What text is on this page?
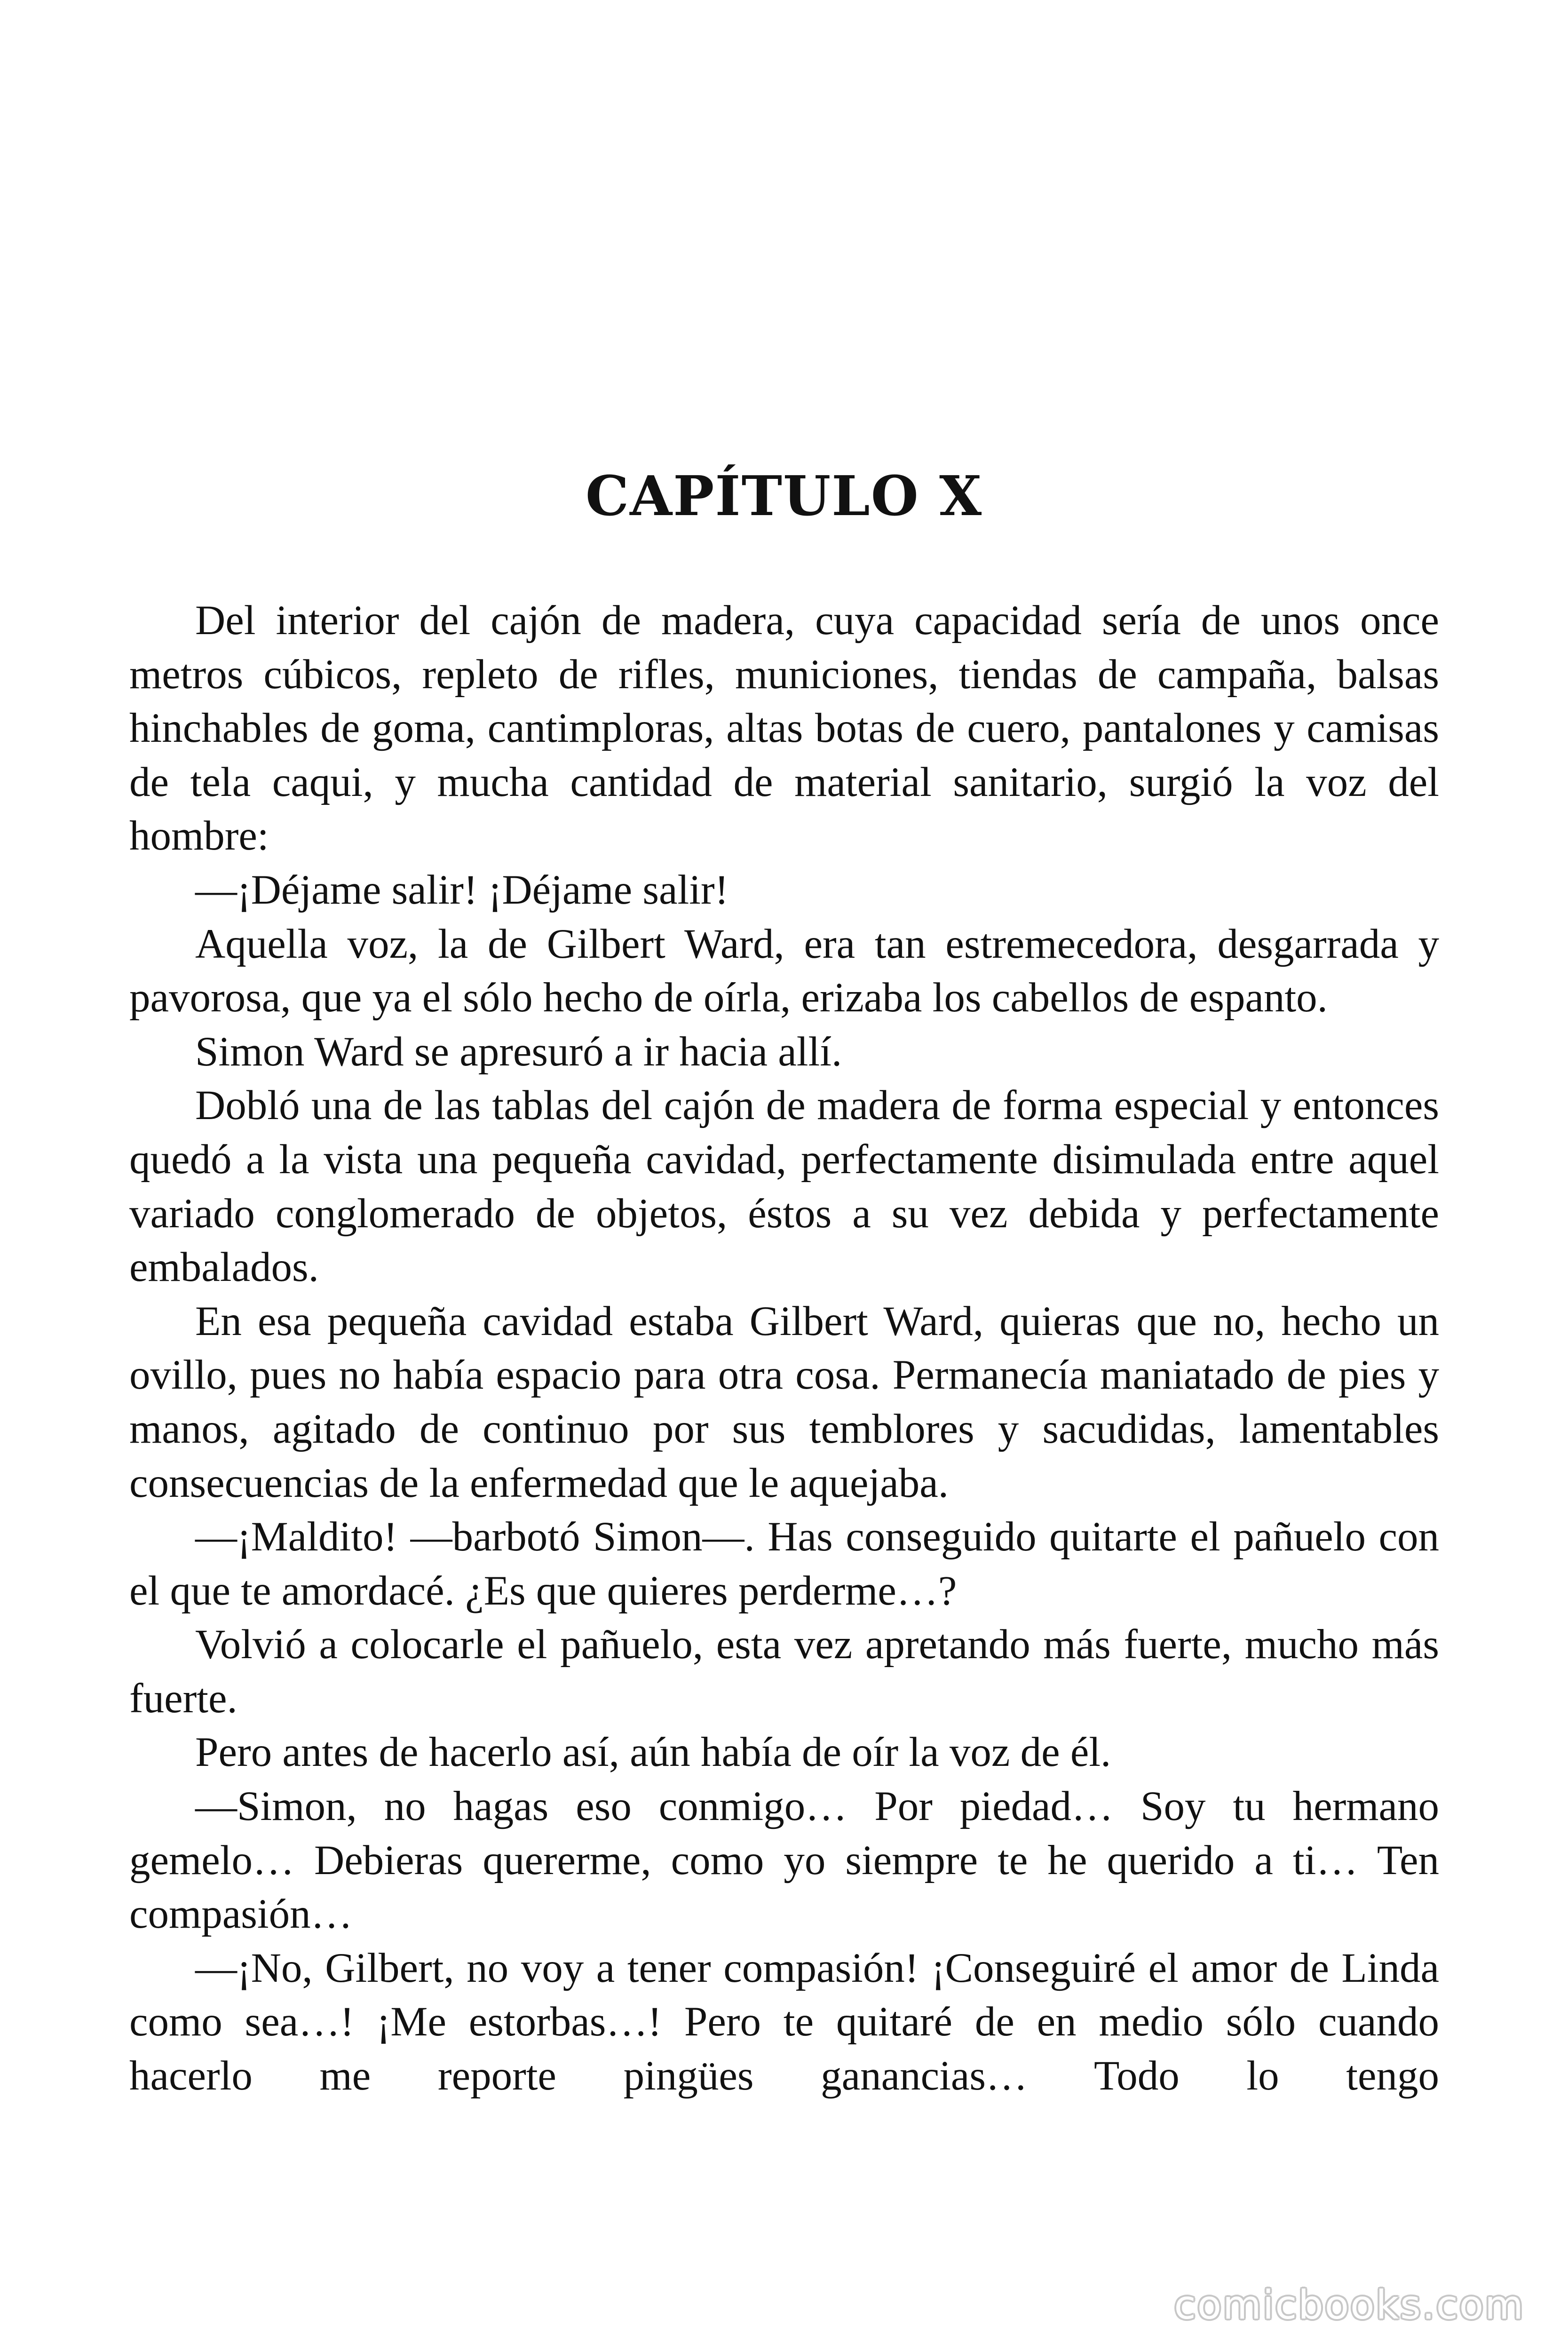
CAPÍTULO X

Del interior del cajón de madera, cuya capacidad sería de unos once metros cúbicos, repleto de rifles, municiones, tiendas de campaña, balsas hinchables de goma, cantimploras, altas botas de cuero, pantalones y camisas de tela caqui, y mucha cantidad de material sanitario, surgió la voz del hombre:

—¡Déjame salir! ¡Déjame salir!

Aquella voz, la de Gilbert Ward, era tan estremecedora, desgarrada y pavorosa, que ya el sólo hecho de oírla, erizaba los cabellos de espanto.

Simon Ward se apresuró a ir hacia allí.

Dobló una de las tablas del cajón de madera de forma especial y entonces quedó a la vista una pequeña cavidad, perfectamente disimulada entre aquel variado conglomerado de objetos, éstos a su vez debida y perfectamente embalados.

En esa pequeña cavidad estaba Gilbert Ward, quieras que no, hecho un ovillo, pues no había espacio para otra cosa. Permanecía maniatado de pies y manos, agitado de continuo por sus temblores y sacudidas, lamentables consecuencias de la enfermedad que le aquejaba.

—¡Maldito! —barbotó Simon—. Has conseguido quitarte el pañuelo con el que te amordacé. ¿Es que quieres perderme…?

Volvió a colocarle el pañuelo, esta vez apretando más fuerte, mucho más fuerte.

Pero antes de hacerlo así, aún había de oír la voz de él.

—Simon, no hagas eso conmigo… Por piedad… Soy tu hermano gemelo… Debieras quererme, como yo siempre te he querido a ti… Ten compasión…

—¡No, Gilbert, no voy a tener compasión! ¡Conseguiré el amor de Linda como sea…! ¡Me estorbas…! Pero te quitaré de en medio sólo cuando hacerlo me reporte pingües ganancias… Todo lo tengo

comicbooks.com
